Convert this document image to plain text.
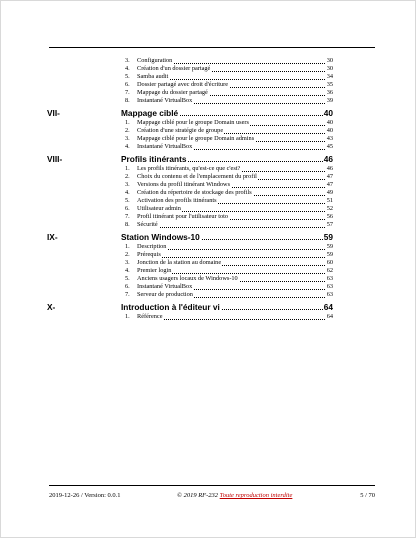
3. Configuration	30
4. Création d'un dossier partagé	30
5. Samba audit	34
6. Dossier partagé avec droit d'écriture	35
7. Mappage du dossier partagé	36
8. Instantané VirtualBox	39
VII-	Mappage ciblé	40
1. Mappage ciblé pour le groupe Domain users	40
2. Création d'une stratégie de groupe	40
3. Mappage ciblé pour le groupe Domain admins	43
4. Instantané VirtualBox	45
VIII-	Profils itinérants	46
1. Les profils itinérants, qu'est-ce que c'est?	46
2. Choix du contenu et de l'emplacement du profil	47
3. Versions du profil itinérant Windows	47
4. Création du répertoire de stockage des profils	49
5. Activation des profils itinérants	51
6. Utilisateur admin	52
7. Profil itinérant pour l'utilisateur toto	56
8. Sécurité	57
IX-	Station Windows-10	59
1. Description	59
2. Prérequis	59
3. Jonction de la station au domaine	60
4. Premier login	62
5. Anciens usagers locaux de Windows-10	63
6. Instantané VirtualBox	63
7. Serveur de production	63
X-	Introduction à l'éditeur vi	64
1. Référence	64
2019-12-26 / Version: 0.0.1	© 2019 RF-232 Toute reproduction interdite	5 / 70
